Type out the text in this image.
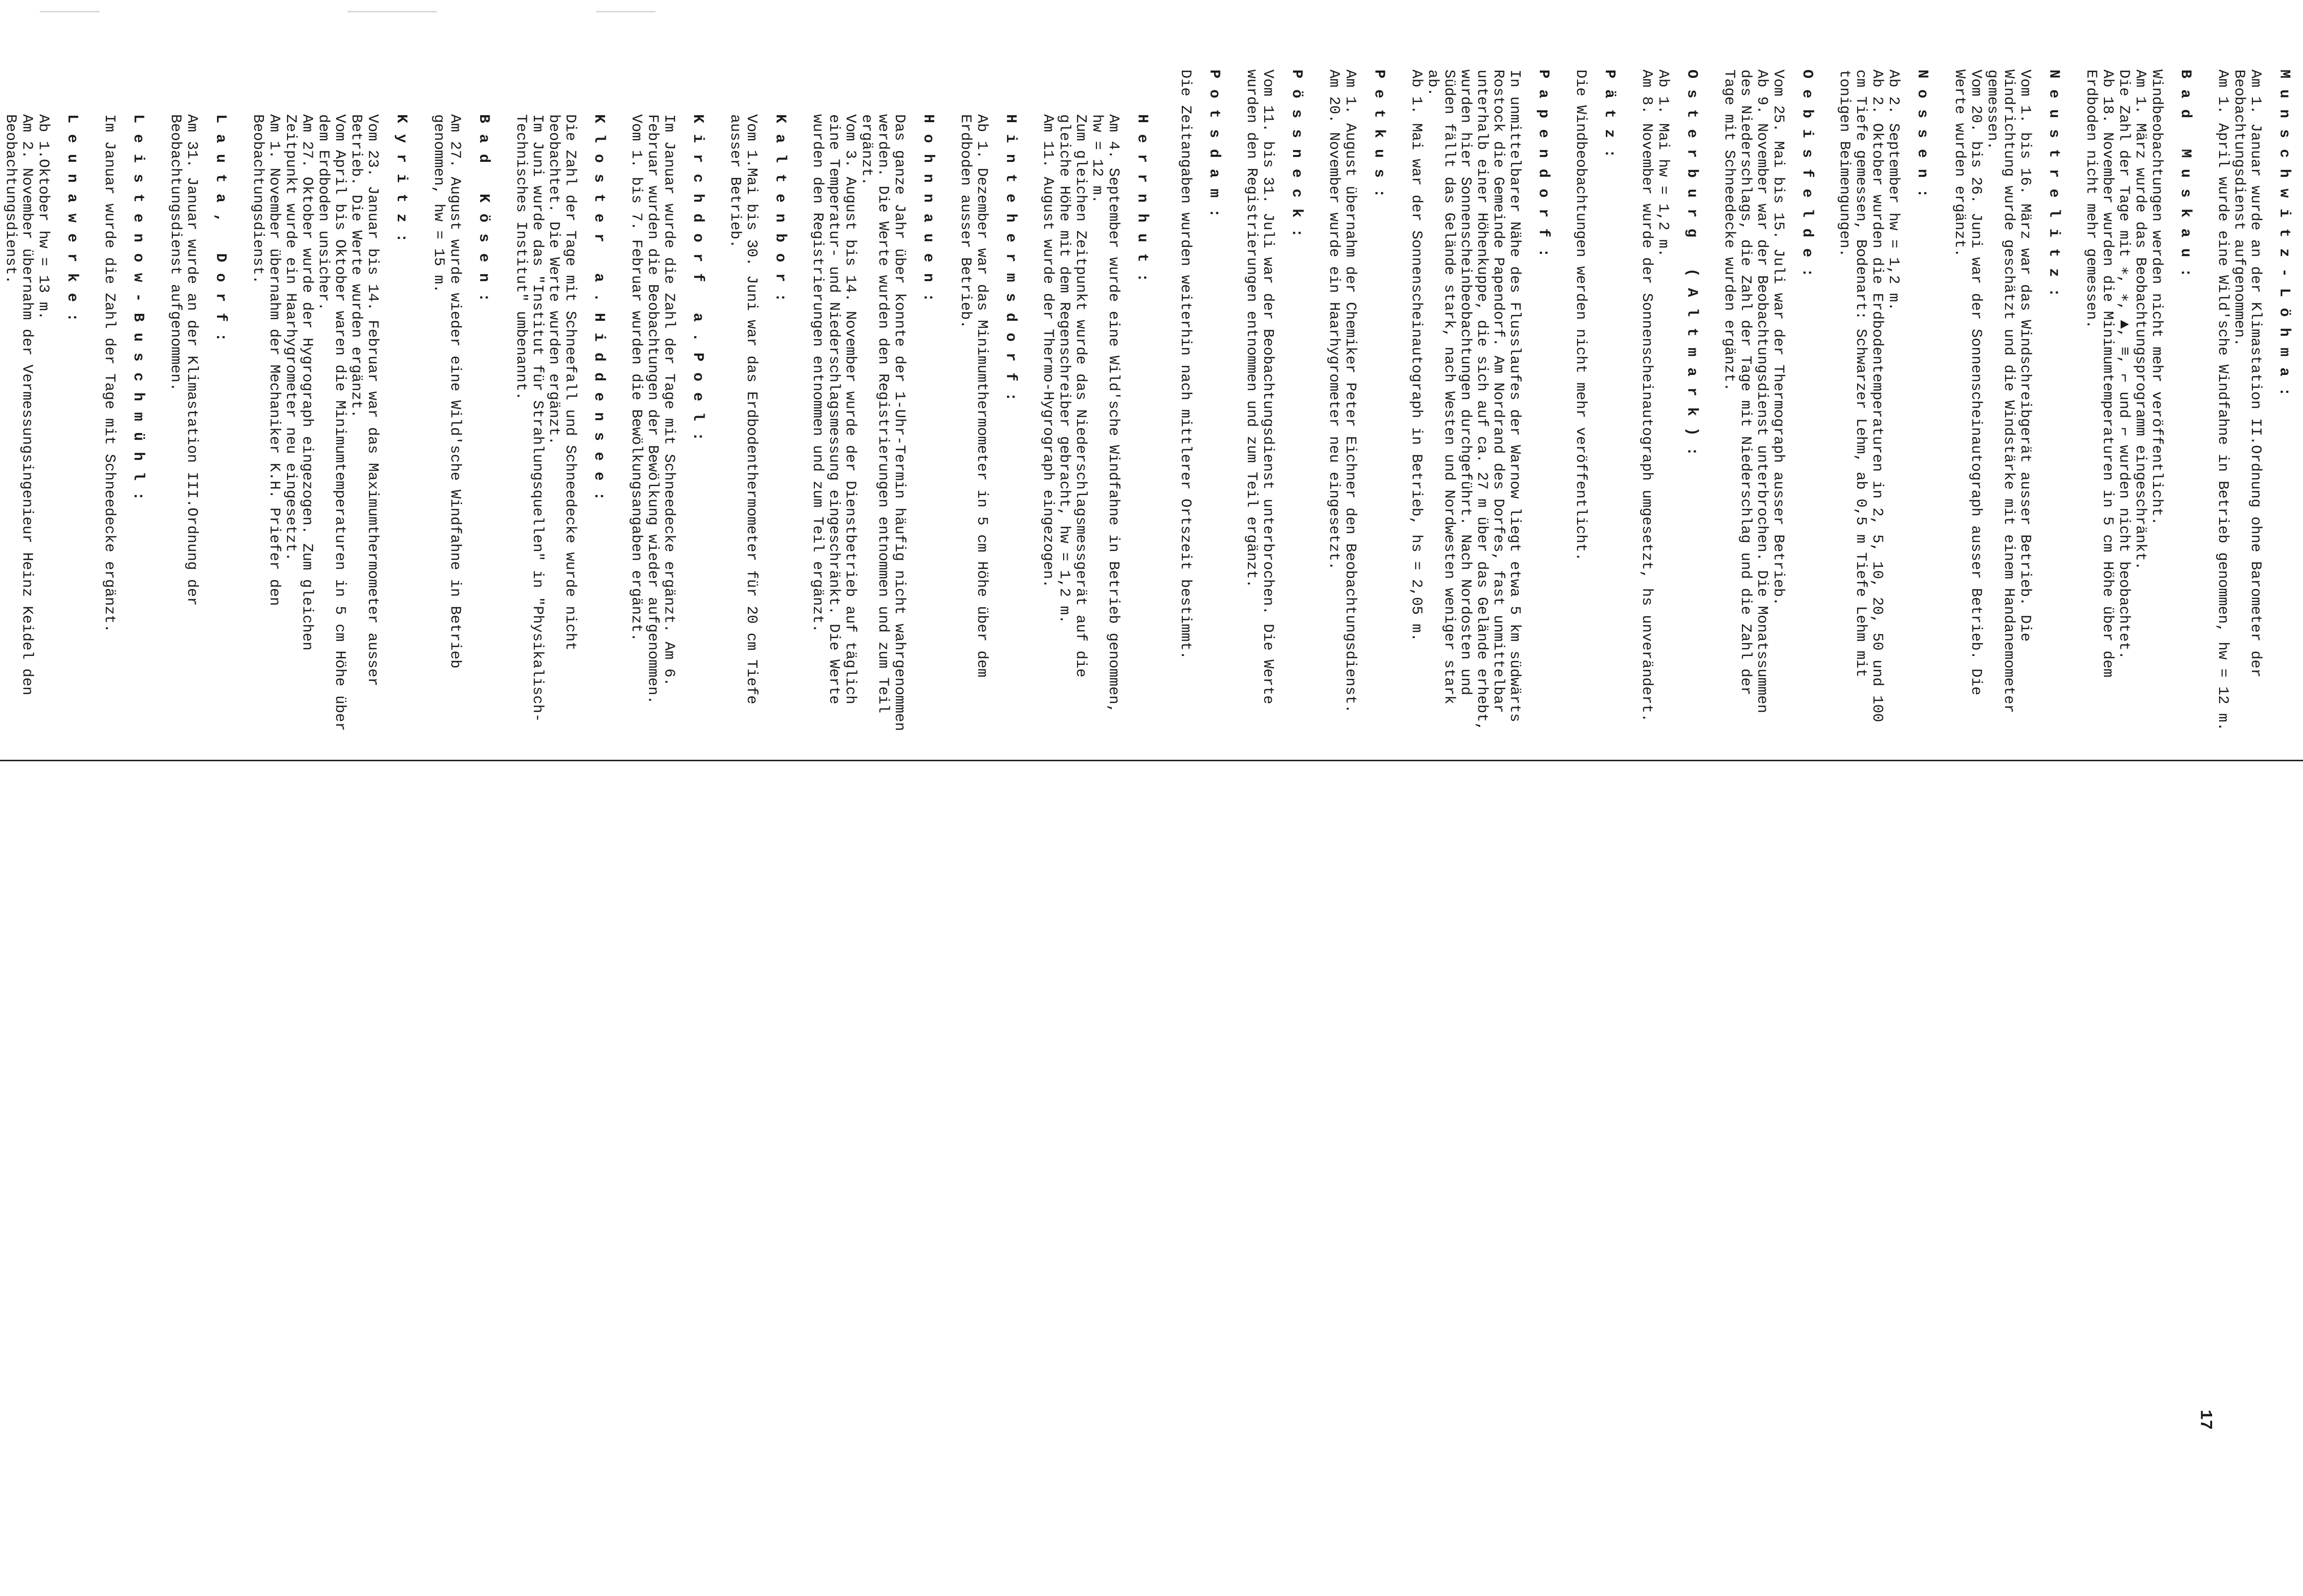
Herrnhut:

Am 4. September wurde eine Wild'sche Windfahne in Betrieb genommen, hw = 12 m.

Zum gleichen Zeitpunkt wurde das Niederschlagsmessgerät auf die gleiche Höhe mit dem Regenschreiber gebracht, hw = 1,2 m.

Am 11. August wurde der Thermo-Hygrograph eingezogen.

Hintehermsdorf:

Ab 1. Dezember war das Minimumthermometer in 5 cm Höhe über dem Erdboden ausser Betrieb.

Hohnnauen:

Das ganze Jahr über konnte der 1-Uhr-Termin häufig nicht wahrgenommen werden. Die Werte wurden den Registrierungen entnommen und zum Teil ergänzt.

Vom 3. August bis 14. November wurde der Dienstbetrieb auf täglich eine Temperatur- und Niederschlagsmessung eingeschränkt. Die Werte wurden den Registrierungen entnommen und zum Teil ergänzt.

Kaltenbor:

Vom 1.Mai bis 30. Juni war das Erdbodenthermometer für 20 cm Tiefe ausser Betrieb.

Kirchdorf a.Poel:

Im Januar wurde die Zahl der Tage mit Schneedecke ergänzt. Am 6. Februar wurden die Beobachtungen der Bewölkung wieder aufgenommen.

Vom 1. bis 7. Februar wurden die Bewölkungsangaben ergänzt.

Kloster a.Hiddensee:

Die Zahl der Tage mit Schneefall und Schneedecke wurde nicht beobachtet. Die Werte wurden ergänzt.

Im Juni wurde das "Institut für Strahlungsquellen" in "Physikalisch-Technisches Institut" umbenannt.

Bad Kösen:

Am 27. August wurde wieder eine Wild'sche Windfahne in Betrieb genommen, hw = 15 m.

Kyritz:

Vom 23. Januar bis 14. Februar war das Maximumthermometer ausser Betrieb. Die Werte wurden ergänzt.

Vom April bis Oktober waren die Minimumtemperaturen in 5 cm Höhe über dem Erdboden unsicher.

Am 27. Oktober wurde der Hygrograph eingezogen. Zum gleichen Zeitpunkt wurde ein Haarhygrometer neu eingesetzt.

Am 1. November übernahm der Mechaniker K.H. Priefer den Beobachtungsdienst.

Lauta, Dorf:

Am 31. Januar wurde an der Klimastation III.Ordnung der Beobachtungsdienst aufgenommen.

Leistenow-Buschmühl:

Im Januar wurde die Zahl der Tage mit Schneedecke ergänzt.

Leunawerke:

Ab 1.Oktober hw = 13 m.

Am 2. November übernahm der Vermessungsingenieur Heinz Keidel den Beobachtungsdienst.	Munschwitz-Löhma:

Am 1. Januar wurde an der Klimastation II.Ordnung ohne Barometer der Beobachtungsdienst aufgenommen.

Am 1. April wurde eine Wild'sche Windfahne in Betrieb genommen, hw = 12 m.

Bad Muskau:

Windbeobachtungen werden nicht mehr veröffentlicht.

Am 1. März wurde das Beobachtungsprogramm eingeschränkt.

Die Zahl der Tage mit ∗, ∗, ▲, ≡, ⌐ und ⌐ wurden nicht beobachtet.

Ab 18. November wurden die Minimumtemperaturen in 5 cm Höhe über dem Erdboden nicht mehr gemessen.

Neustrelitz:

Vom 1. bis 16. März war das Windschreibgerät ausser Betrieb. Die Windrichtung wurde geschätzt und die Windstärke mit einem Handanemometer gemessen.

Vom 20. bis 26. Juni war der Sonnenscheinautograph ausser Betrieb. Die Werte wurden ergänzt.

Nossen:

Ab 2. September hw = 1,2 m.

Ab 2. Oktober wurden die Erdbodentemperaturen in 2, 5, 10, 20, 50 und 100 cm Tiefe gemessen, Bodenart: Schwarzer Lehm, ab 0,5 m Tiefe Lehm mit tonigen Beimengungen.

Oebisfelde:

Vom 25. Mai bis 15. Juli war der Thermograph ausser Betrieb.

Ab 9. November war der Beobachtungsdienst unterbrochen. Die Monatssummen des Niederschlags, die Zahl der Tage mit Niederschlag und die Zahl der Tage mit Schneedecke wurden ergänzt.

Osterburg (Altmark):

Ab 1. Mai hw = 1,2 m.

Am 8. November wurde der Sonnenscheinautograph umgesetzt, hs unverändert.

Pätz:

Die Windbeobachtungen werden nicht mehr veröffentlicht.

Papendorf:

In unmittelbarer Nähe des Flusslaufes der Warnow liegt etwa 5 km südwärts Rostock die Gemeinde Papendorf. Am Nordrand des Dorfes, fast unmittelbar unterhalb einer Höhenkuppe, die sich auf ca. 27 m über das Gelände erhebt, wurden hier Sonnenscheinbeobachtungen durchgeführt. Nach Nordosten und Süden fällt das Gelände stark, nach Westen und Nordwesten weniger stark ab.

Ab 1. Mai war der Sonnenscheinautograph in Betrieb, hs = 2,05 m.

Petkus:

Am 1. August übernahm der Chemiker Peter Eichner den Beobachtungsdienst.

Am 20. November wurde ein Haarhygrometer neu eingesetzt.

Pössneck:

Vom 11. bis 31. Juli war der Beobachtungsdienst unterbrochen. Die Werte wurden den Registrierungen entnommen und zum Teil ergänzt.

Potsdam:

Die Zeitangaben wurden weiterhin nach mittlerer Ortszeit bestimmt.

17
